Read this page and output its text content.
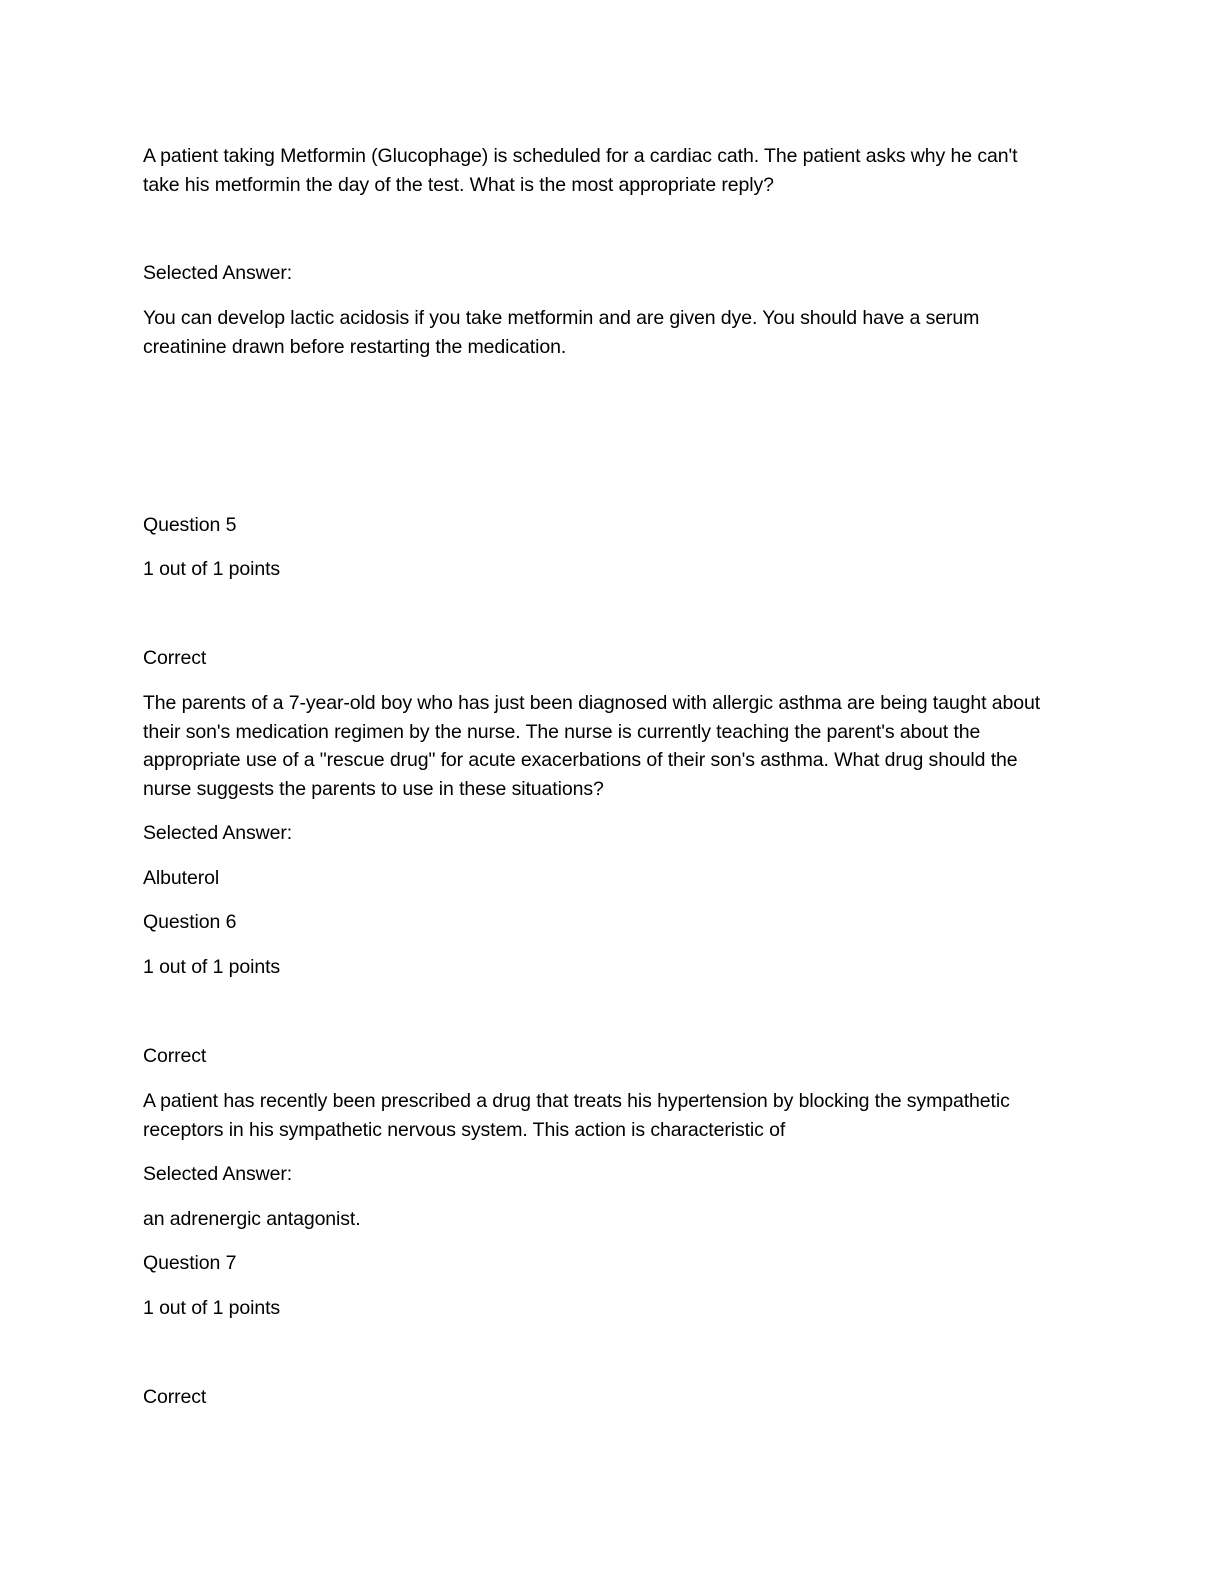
A patient taking Metformin (Glucophage) is scheduled for a cardiac cath. The patient asks why he can't
take his metformin the day of the test. What is the most appropriate reply?
Selected Answer:
You can develop lactic acidosis if you take metformin and are given dye. You should have a serum
creatinine drawn before restarting the medication.
Question 5
1 out of 1 points
Correct
The parents of a 7-year-old boy who has just been diagnosed with allergic asthma are being taught about
their son's medication regimen by the nurse. The nurse is currently teaching the parent's about the
appropriate use of a "rescue drug" for acute exacerbations of their son's asthma. What drug should the
nurse suggests the parents to use in these situations?
Selected Answer:
Albuterol
Question 6
1 out of 1 points
Correct
A patient has recently been prescribed a drug that treats his hypertension by blocking the sympathetic
receptors in his sympathetic nervous system. This action is characteristic of
Selected Answer:
an adrenergic antagonist.
Question 7
1 out of 1 points
Correct
